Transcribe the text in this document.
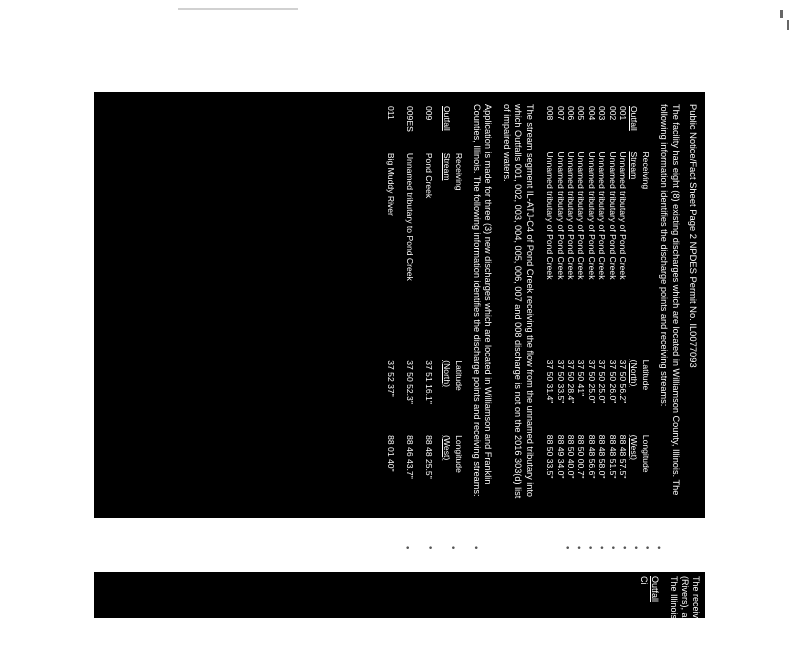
• • • •	•••••••••
Public Notice/Fact Sheet Page 2 NPDES Permit No. IL0077093

The facility has eight (8) existing discharges which are located in Williamson County, Illinois. The following information identifies the discharge points and receiving streams:

	Receiving	Latitude	Longitude
Outfall	Stream	(North)	(West)
001	Unnamed tributary of Pond Creek	37 50 56.2"	88 48 57.5"
002	Unnamed tributary of Pond Creek	37 50 26.0"	88 48 51.5"
003	Unnamed tributary of Pond Creek	37 50 25.0"	88 48 58.0"
004	Unnamed tributary of Pond Creek	37 50 25.0"	88 48 56.6"
005	Unnamed tributary of Pond Creek	37 50 41"	88 50 00.7"
006	Unnamed tributary of Pond Creek	37 50 28.4"	88 50 40.0"
007	Unnamed tributary of Pond Creek	37 50 33.5"	88 49 34.0"
008	Unnamed tributary of Pond Creek	37 50 31.4"	88 50 33.5"

The stream segment IL-ATJ-C4 of Pond Creek receiving the flow from the unnamed tributary into which Outfalls 001, 002, 003, 004, 005, 006, 007 and 008 discharge is not on the 2016 303(d) list of impaired waters.

Application is made for three (3) new discharges which are located in Williamson and Franklin Counties, Illinois. The following information identifies the discharge points and receiving streams:

	Receiving	Latitude	Longitude
Outfall	Stream	(North)	(West)
009	Pond Creek	37 51 16.1"	88 48 25.5"
009ES	Unnamed tributary to Pond Creek	37 50 52.3"	88 46 43.7"
011	Big Muddy River	37 52 37"	88 01 40"
The receiving stream
(Rivers), an industrial
The Illinois
Outfall
Ci
